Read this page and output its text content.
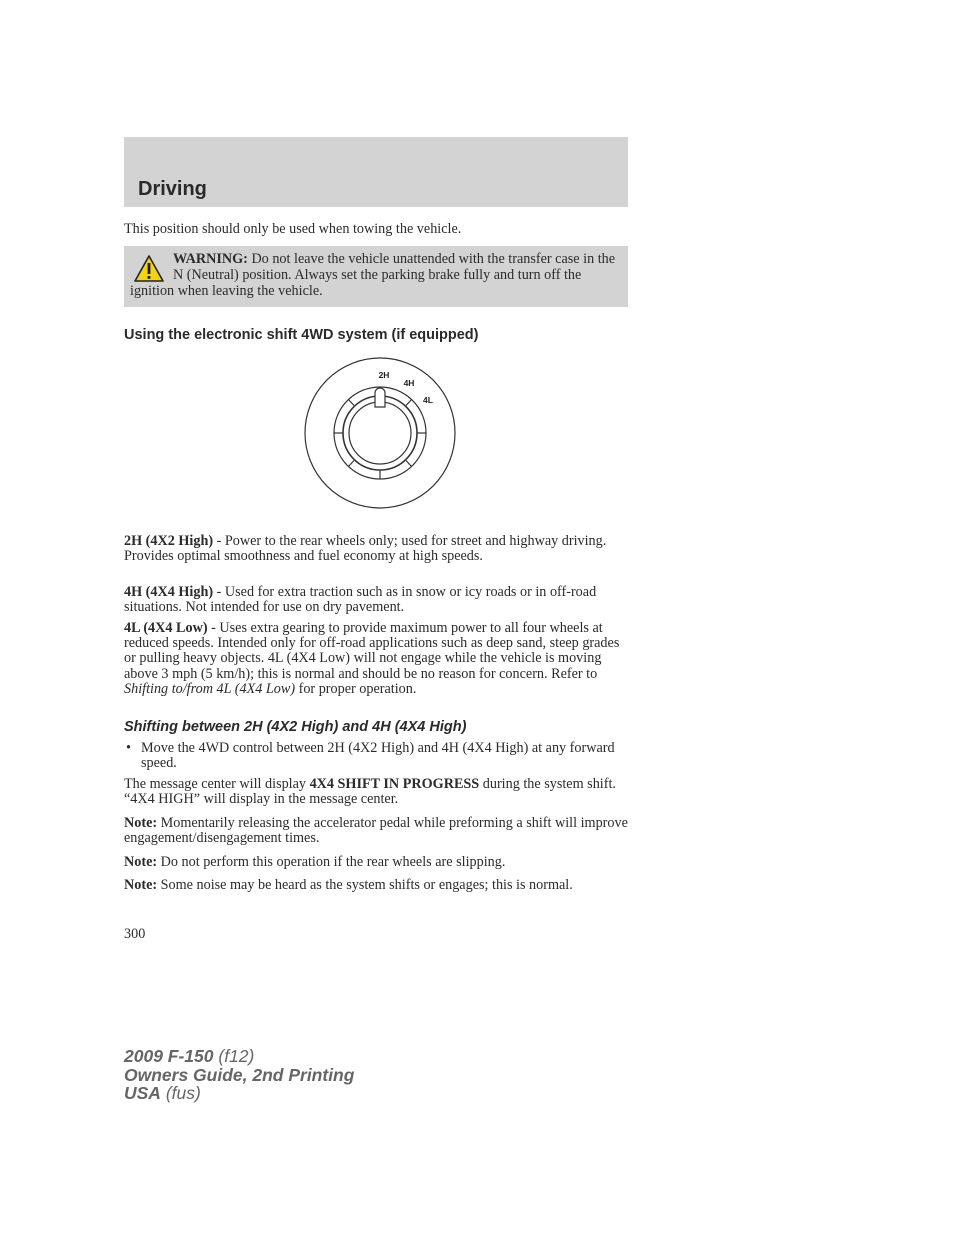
Driving

This position should only be used when towing the vehicle.

WARNING: Do not leave the vehicle unattended with the transfer case in the N (Neutral) position. Always set the parking brake fully and turn off the ignition when leaving the vehicle.

Using the electronic shift 4WD system (if equipped)
2H
4H
4L

2H (4X2 High) - Power to the rear wheels only; used for street and highway driving. Provides optimal smoothness and fuel economy at high speeds.

4H (4X4 High) - Used for extra traction such as in snow or icy roads or in off-road situations. Not intended for use on dry pavement.

4L (4X4 Low) - Uses extra gearing to provide maximum power to all four wheels at reduced speeds. Intended only for off-road applications such as deep sand, steep grades or pulling heavy objects. 4L (4X4 Low) will not engage while the vehicle is moving above 3 mph (5 km/h); this is normal and should be no reason for concern. Refer to Shifting to/from 4L (4X4 Low) for proper operation.

Shifting between 2H (4X2 High) and 4H (4X4 High)
• Move the 4WD control between 2H (4X2 High) and 4H (4X4 High) at any forward speed.

The message center will display 4X4 SHIFT IN PROGRESS during the system shift. “4X4 HIGH” will display in the message center.

Note: Momentarily releasing the accelerator pedal while preforming a shift will improve engagement/disengagement times.

Note: Do not perform this operation if the rear wheels are slipping.

Note: Some noise may be heard as the system shifts or engages; this is normal.

300

2009 F-150 (f12)
Owners Guide, 2nd Printing
USA (fus)
